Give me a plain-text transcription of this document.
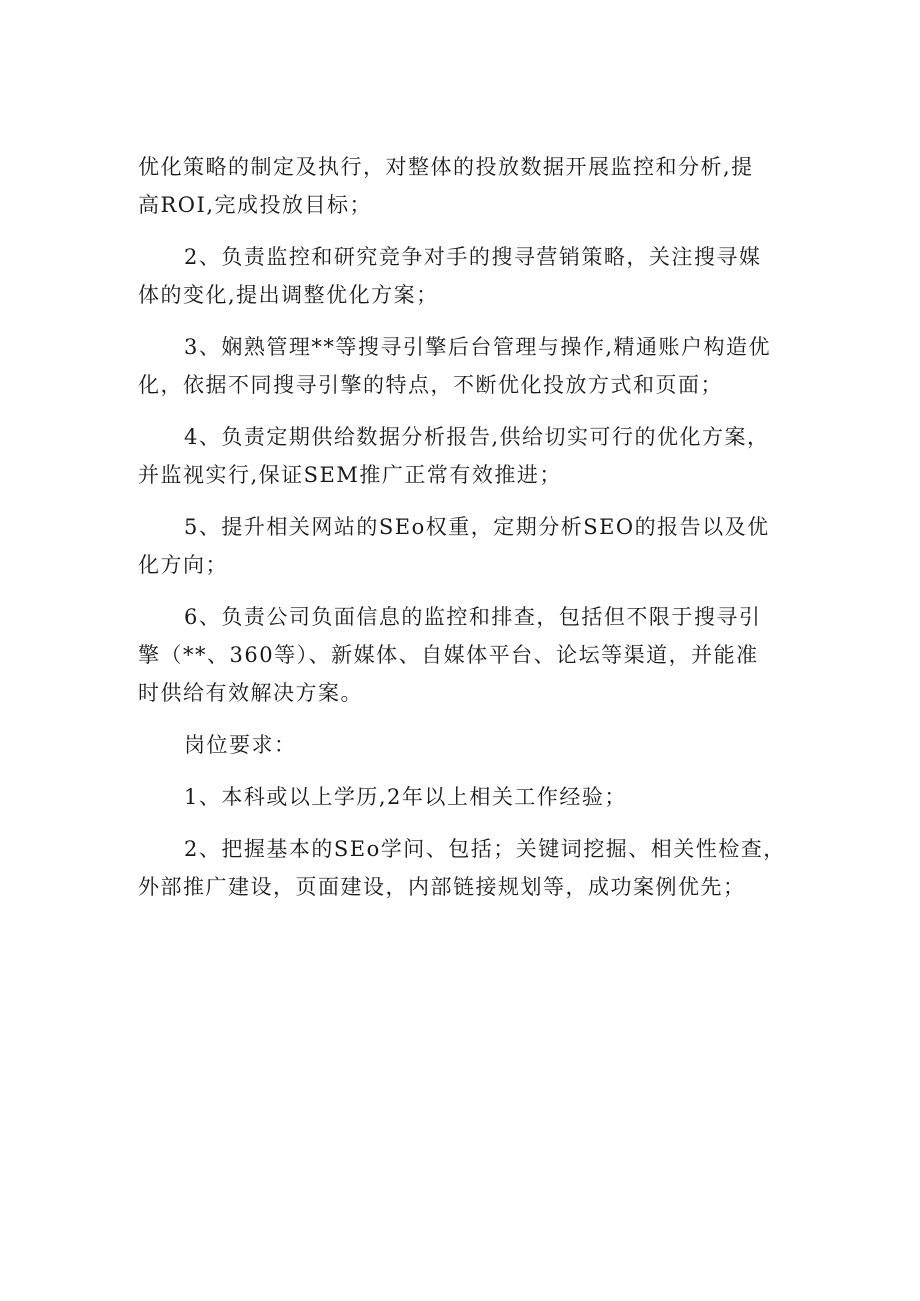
优化策略的制定及执行，对整体的投放数据开展监控和分析,提
高ROI,完成投放目标；
2、负责监控和研究竞争对手的搜寻营销策略，关注搜寻媒
体的变化,提出调整优化方案；
3、娴熟管理**等搜寻引擎后台管理与操作,精通账户构造优
化，依据不同搜寻引擎的特点，不断优化投放方式和页面；
4、负责定期供给数据分析报告,供给切实可行的优化方案，
并监视实行,保证SEM推广正常有效推进；
5、提升相关网站的SEo权重，定期分析SEO的报告以及优
化方向；
6、负责公司负面信息的监控和排查，包括但不限于搜寻引
擎（**、360等）、新媒体、自媒体平台、论坛等渠道，并能准
时供给有效解决方案。
岗位要求：
1、本科或以上学历,2年以上相关工作经验；
2、把握基本的SEo学问、包括；关键词挖掘、相关性检查，
外部推广建设，页面建设，内部链接规划等，成功案例优先；
